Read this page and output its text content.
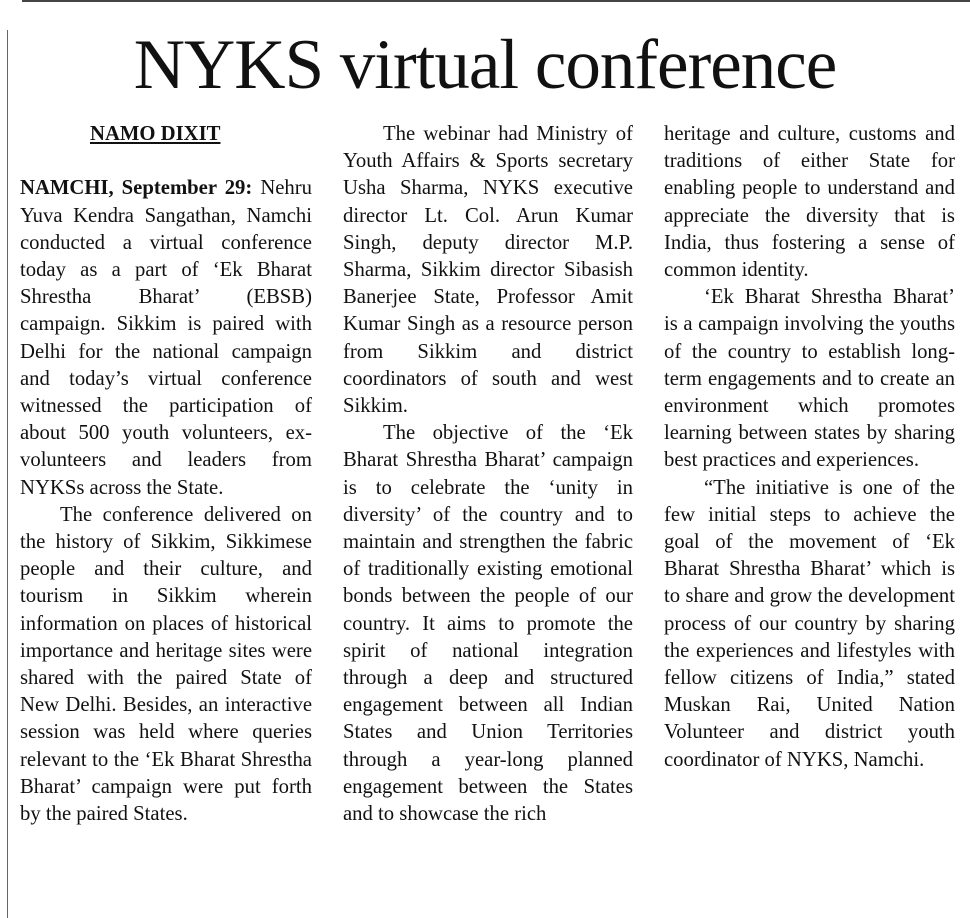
NYKS virtual conference
NAMO DIXIT

NAMCHI, September 29: Nehru Yuva Kendra Sangathan, Namchi conducted a virtual conference today as a part of ‘Ek Bharat Shrestha Bharat’ (EBSB) campaign. Sikkim is paired with Delhi for the national campaign and today’s virtual conference witnessed the participation of about 500 youth volunteers, ex-volunteers and leaders from NYKSs across the State.

The conference delivered on the history of Sikkim, Sikkimese people and their culture, and tourism in Sikkim wherein information on places of historical importance and heritage sites were shared with the paired State of New Delhi. Besides, an interactive session was held where queries relevant to the ‘Ek Bharat Shrestha Bharat’ campaign were put forth by the paired States.

The webinar had Ministry of Youth Affairs & Sports secretary Usha Sharma, NYKS executive director Lt. Col. Arun Kumar Singh, deputy director M.P. Sharma, Sikkim director Sibasish Banerjee State, Professor Amit Kumar Singh as a resource person from Sikkim and district coordinators of south and west Sikkim.

The objective of the ‘Ek Bharat Shrestha Bharat’ campaign is to celebrate the ‘unity in diversity’ of the country and to maintain and strengthen the fabric of traditionally existing emotional bonds between the people of our country. It aims to promote the spirit of national integration through a deep and structured engagement between all Indian States and Union Territories through a year-long planned engagement between the States and to showcase the rich

heritage and culture, customs and traditions of either State for enabling people to understand and appreciate the diversity that is India, thus fostering a sense of common identity.

‘Ek Bharat Shrestha Bharat’ is a campaign involving the youths of the country to establish long-term engagements and to create an environment which promotes learning between states by sharing best practices and experiences.

“The initiative is one of the few initial steps to achieve the goal of the movement of ‘Ek Bharat Shrestha Bharat’ which is to share and grow the development process of our country by sharing the experiences and lifestyles with fellow citizens of India,” stated Muskan Rai, United Nation Volunteer and district youth coordinator of NYKS, Namchi.
